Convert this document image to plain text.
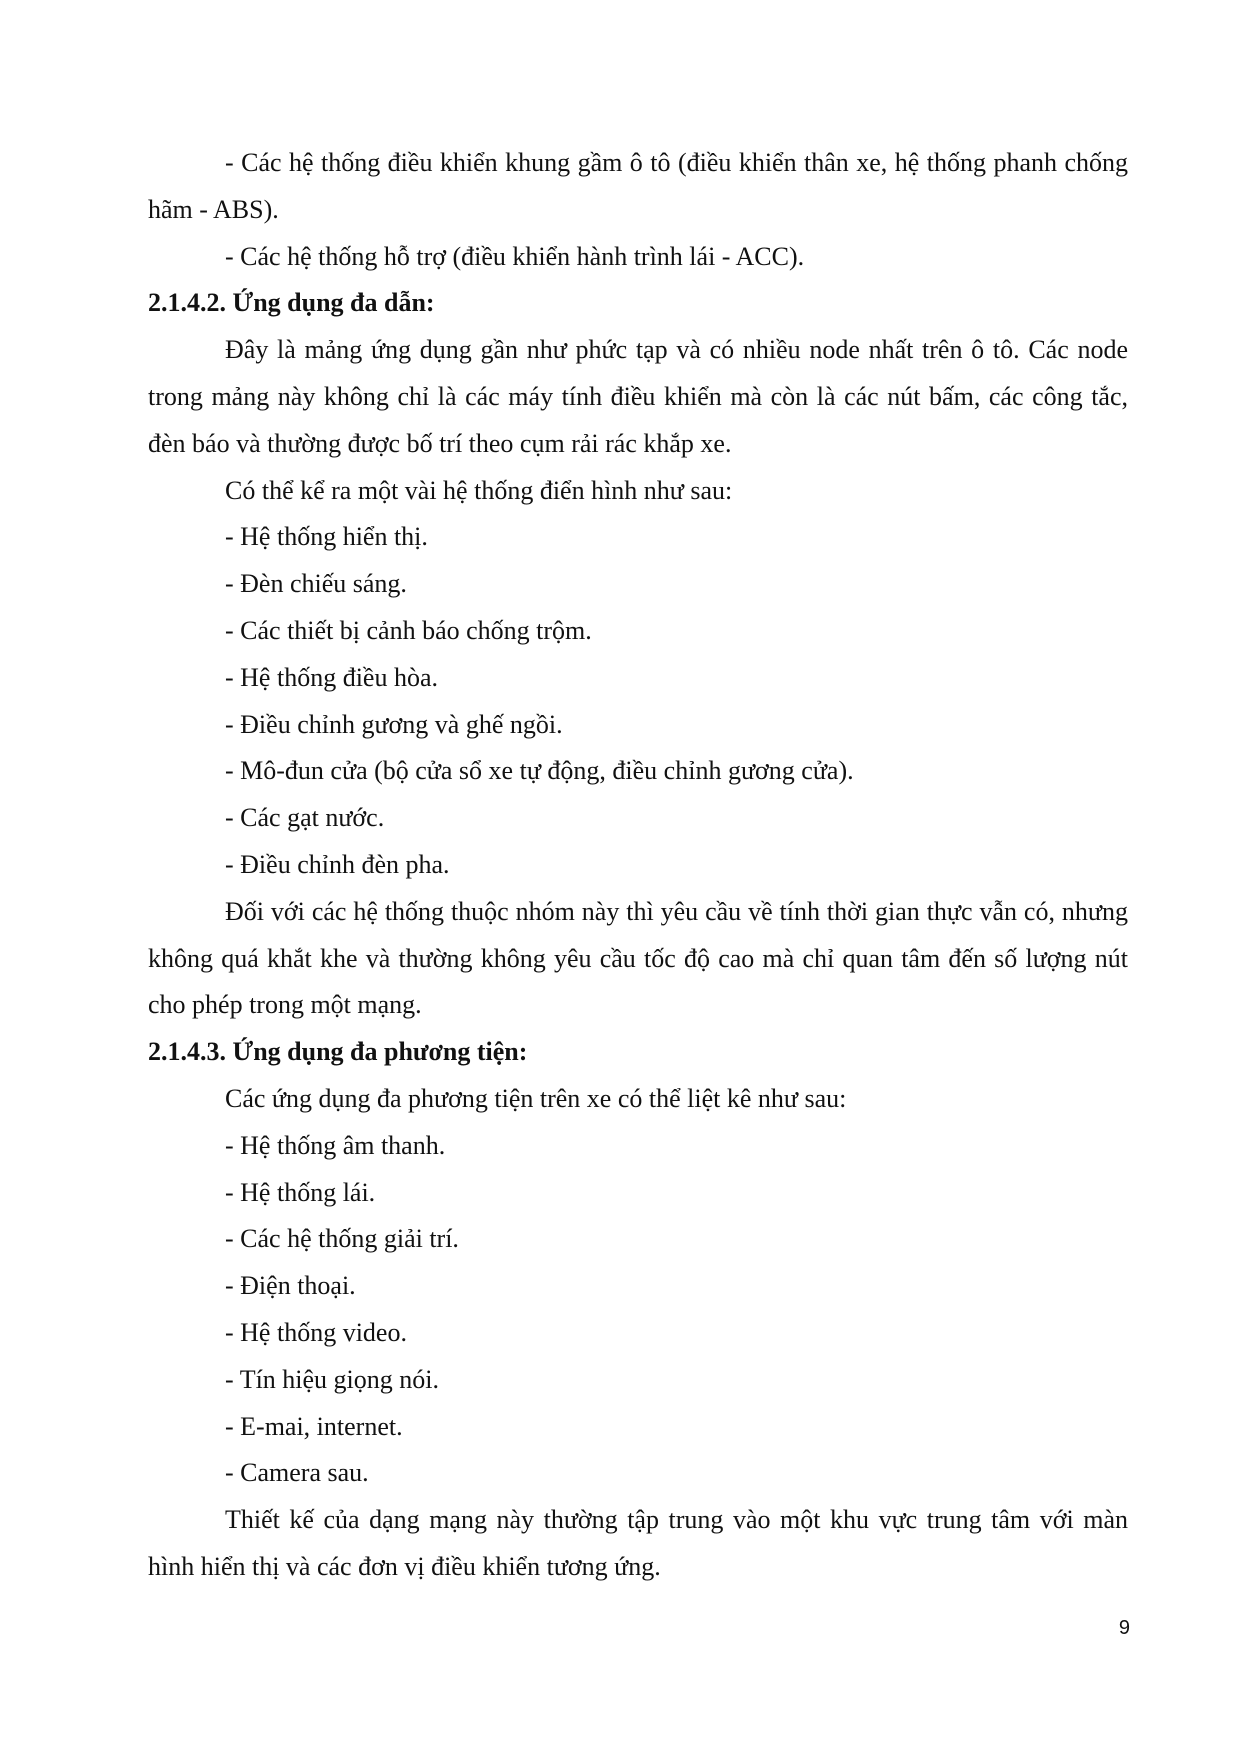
- Các hệ thống điều khiển khung gầm ô tô (điều khiển thân xe, hệ thống phanh chống hãm - ABS).

- Các hệ thống hỗ trợ (điều khiển hành trình lái - ACC).

2.1.4.2. Ứng dụng đa dẫn:

Đây là mảng ứng dụng gần như phức tạp và có nhiều node nhất trên ô tô. Các node trong mảng này không chỉ là các máy tính điều khiển mà còn là các nút bấm, các công tắc, đèn báo và thường được bố trí theo cụm rải rác khắp xe.

Có thể kể ra một vài hệ thống điển hình như sau:

- Hệ thống hiển thị.

- Đèn chiếu sáng.

- Các thiết bị cảnh báo chống trộm.

- Hệ thống điều hòa.

- Điều chỉnh gương và ghế ngồi.

- Mô-đun cửa (bộ cửa sổ xe tự động, điều chỉnh gương cửa).

- Các gạt nước.

- Điều chỉnh đèn pha.

Đối với các hệ thống thuộc nhóm này thì yêu cầu về tính thời gian thực vẫn có, nhưng không quá khắt khe và thường không yêu cầu tốc độ cao mà chỉ quan tâm đến số lượng nút cho phép trong một mạng.

2.1.4.3. Ứng dụng đa phương tiện:

Các ứng dụng đa phương tiện trên xe có thể liệt kê như sau:

- Hệ thống âm thanh.

- Hệ thống lái.

- Các hệ thống giải trí.

- Điện thoại.

- Hệ thống video.

- Tín hiệu giọng nói.

- E-mai, internet.

- Camera sau.

Thiết kế của dạng mạng này thường tập trung vào một khu vực trung tâm với màn hình hiển thị và các đơn vị điều khiển tương ứng.

9
